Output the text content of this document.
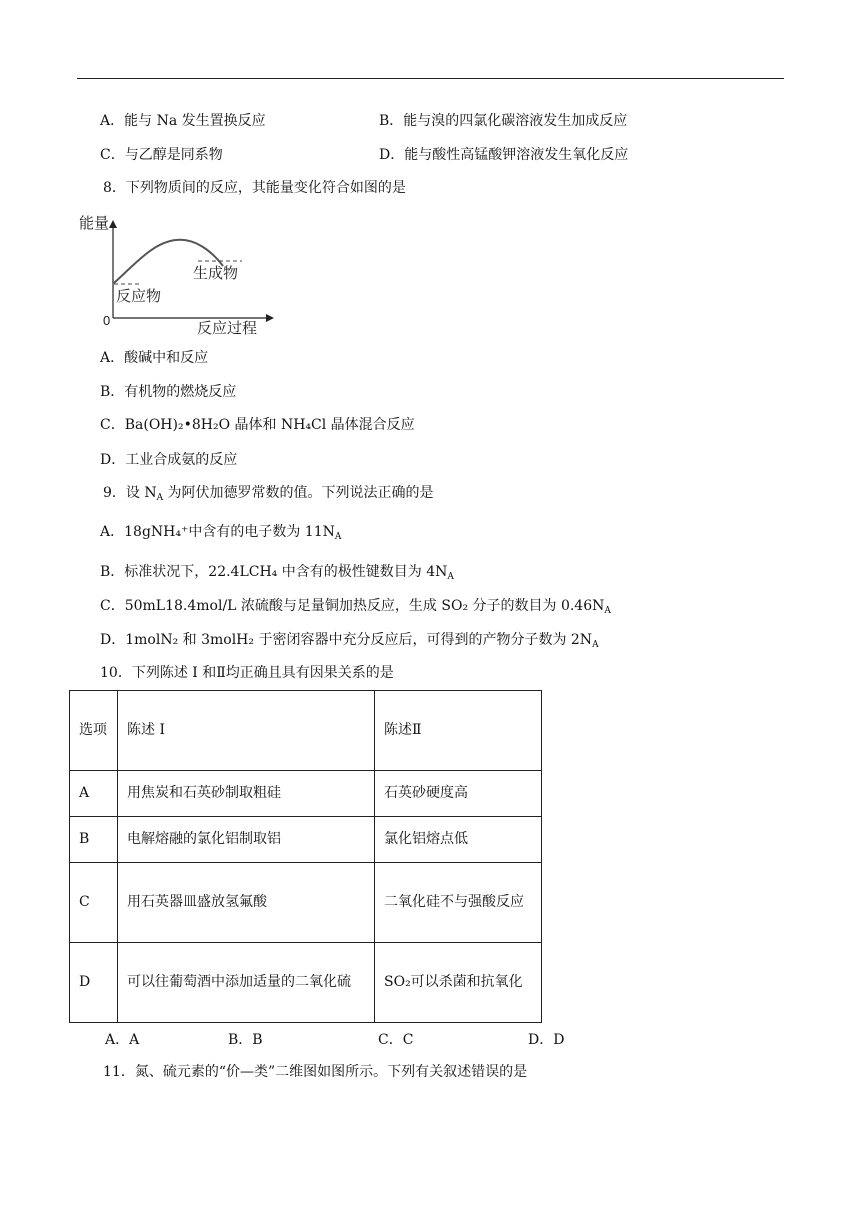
A．能与 Na 发生置换反应	B．能与溴的四氯化碳溶液发生加成反应
C．与乙醇是同系物	D．能与酸性高锰酸钾溶液发生氧化反应
8．下列物质间的反应，其能量变化符合如图的是
能量
生成物
反应物
0	反应过程
A．酸碱中和反应
B．有机物的燃烧反应
C．Ba(OH)₂•8H₂O 晶体和 NH₄Cl 晶体混合反应
D．工业合成氨的反应
9．设 $N_A$ 为阿伏加德罗常数的值。下列说法正确的是
A．18gNH₄⁺中含有的电子数为 $11N_A$
B．标准状况下，22.4LCH₄ 中含有的极性键数目为 $4N_A$
C．50mL18.4mol/L 浓硫酸与足量铜加热反应，生成 SO₂ 分子的数目为 $0.46N_A$
D．1molN₂ 和 3molH₂ 于密闭容器中充分反应后，可得到的产物分子数为 $2N_A$
10．下列陈述 I 和Ⅱ均正确且具有因果关系的是
选项	陈述 I	陈述Ⅱ
A	用焦炭和石英砂制取粗硅	石英砂硬度高
B	电解熔融的氯化铝制取铝	氯化铝熔点低
C	用石英器皿盛放氢氟酸	二氧化硅不与强酸反应
D	可以往葡萄酒中添加适量的二氧化硫	SO₂可以杀菌和抗氧化
A．A	B．B	C．C	D．D
11．氮、硫元素的“价—类”二维图如图所示。下列有关叙述错误的是
